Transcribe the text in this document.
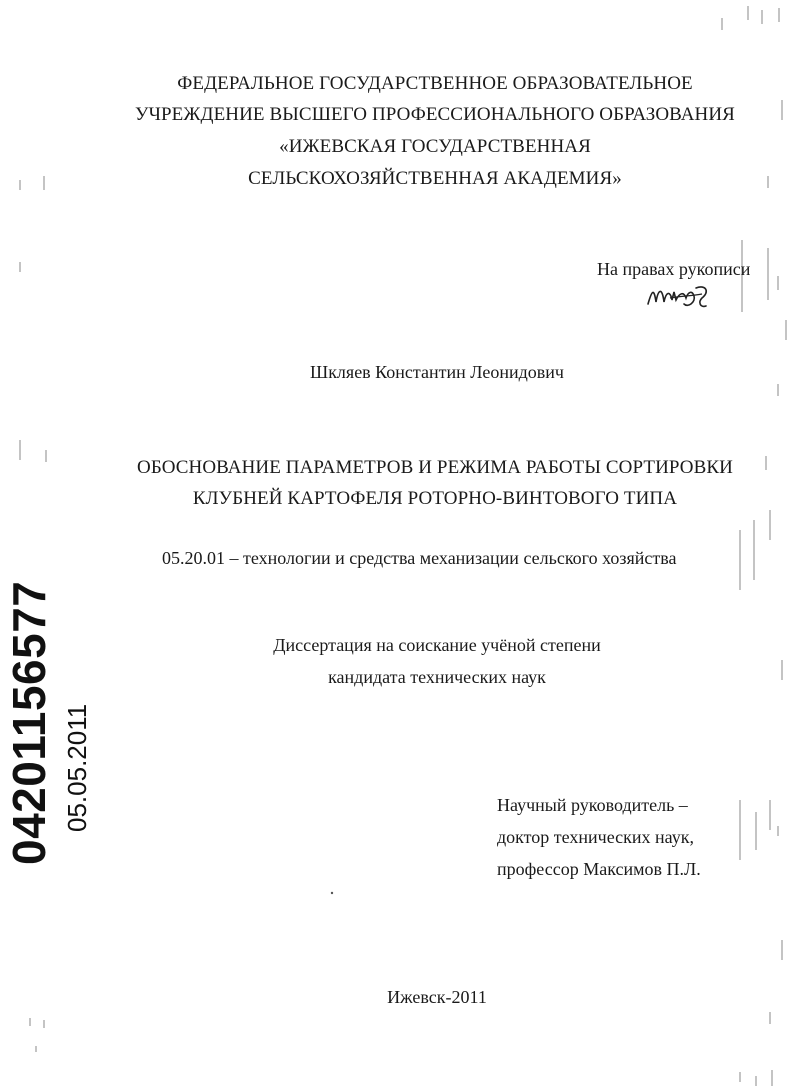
ФЕДЕРАЛЬНОЕ ГОСУДАРСТВЕННОЕ ОБРАЗОВАТЕЛЬНОЕ
УЧРЕЖДЕНИЕ ВЫСШЕГО ПРОФЕССИОНАЛЬНОГО ОБРАЗОВАНИЯ
«ИЖЕВСКАЯ ГОСУДАРСТВЕННАЯ
СЕЛЬСКОХОЗЯЙСТВЕННАЯ АКАДЕМИЯ»
На правах рукописи
Шкляев Константин Леонидович
ОБОСНОВАНИЕ ПАРАМЕТРОВ И РЕЖИМА РАБОТЫ СОРТИРОВКИ
КЛУБНЕЙ КАРТОФЕЛЯ РОТОРНО-ВИНТОВОГО ТИПА
05.20.01 – технологии и средства механизации сельского хозяйства
Диссертация на соискание учёной степени
кандидата технических наук
Научный руководитель –
доктор технических наук,
профессор Максимов П.Л.
Ижевск-2011
04201156577 05.05.2011
